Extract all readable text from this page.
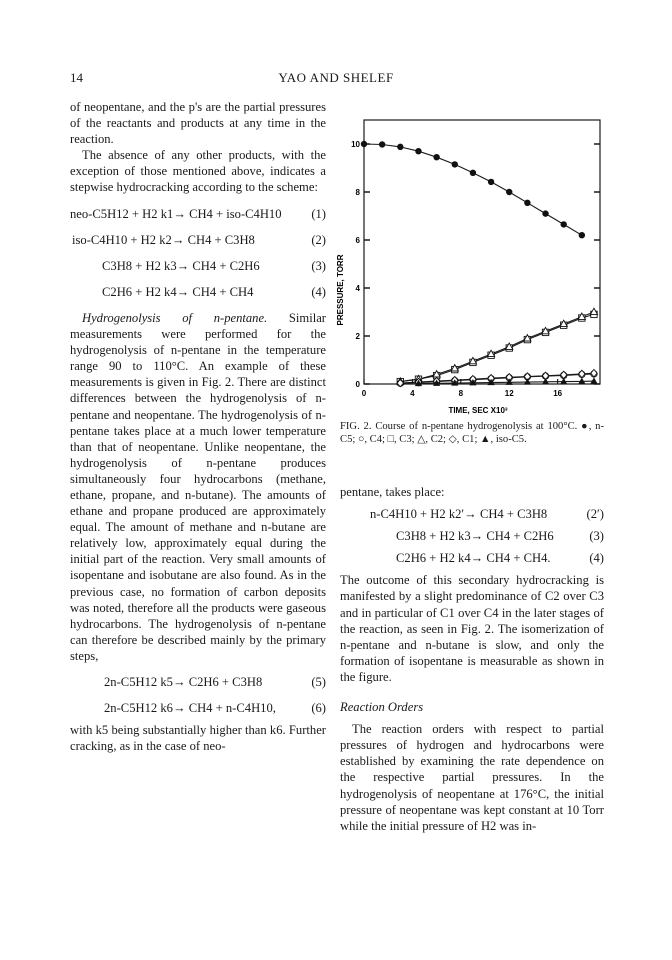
14	YAO AND SHELEF

of neopentane, and the p's are the partial pressures of the reactants and products at any time in the reaction.

The absence of any other products, with the exception of those mentioned above, indicates a stepwise hydrocracking according to the scheme:

neo-C5H12 + H2 k1→ CH4 + iso-C4H10 (1)
iso-C4H10 + H2 k2→ CH4 + C3H8	(2)
C3H8 + H2 k3→ CH4 + C2H6	(3)
C2H6 + H2 k4→ CH4 + CH4	(4)

Hydrogenolysis of n-pentane. Similar measurements were performed for the hydrogenolysis of n-pentane in the temperature range 90 to 110°C. An example of these measurements is given in Fig. 2. There are distinct differences between the hydrogenolysis of n-pentane and neopentane. The hydrogenolysis of n-pentane takes place at a much lower temperature than that of neopentane. Unlike neopentane, the hydrogenolysis of n-pentane produces simultaneously four hydrocarbons (methane, ethane, propane, and n-butane). The amounts of ethane and propane produced are approximately equal. The amount of methane and n-butane are relatively low, approximately equal during the initial part of the reaction. Very small amounts of isopentane and isobutane are also found. As in the previous case, no formation of carbon deposits was noted, therefore all the products were gaseous hydrocarbons. The hydrogenolysis of n-pentane can therefore be described mainly by the primary steps,

2n-C5H12 k5→ C2H6 + C3H8	(5)
2n-C5H12 k6→ CH4 + n-C4H10,	(6)

with k5 being substantially higher than k6. Further cracking, as in the case of neo-

PRESSURE, TORR
TIME, SEC X10³
0
2
4
6
8
10
0	4	8	12	16
FIG. 2. Course of n-pentane hydrogenolysis at 100°C. ●, n-C5; ○, C4; □, C3; △, C2; ◇, C1; ▲, iso-C5.

pentane, takes place:

n-C4H10 + H2 k2′→ CH4 + C3H8	(2′)
C3H8 + H2 k3→ CH4 + C2H6	(3)
C2H6 + H2 k4→ CH4 + CH4.	(4)

The outcome of this secondary hydrocracking is manifested by a slight predominance of C2 over C3 and in particular of C1 over C4 in the later stages of the reaction, as seen in Fig. 2. The isomerization of n-pentane and n-butane is slow, and only the formation of isopentane is measurable as shown in the figure.

Reaction Orders

The reaction orders with respect to partial pressures of hydrogen and hydrocarbons were established by examining the rate dependence on the respective partial pressures. In the hydrogenolysis of neopentane at 176°C, the initial pressure of neopentane was kept constant at 10 Torr while the initial pressure of H2 was in-
